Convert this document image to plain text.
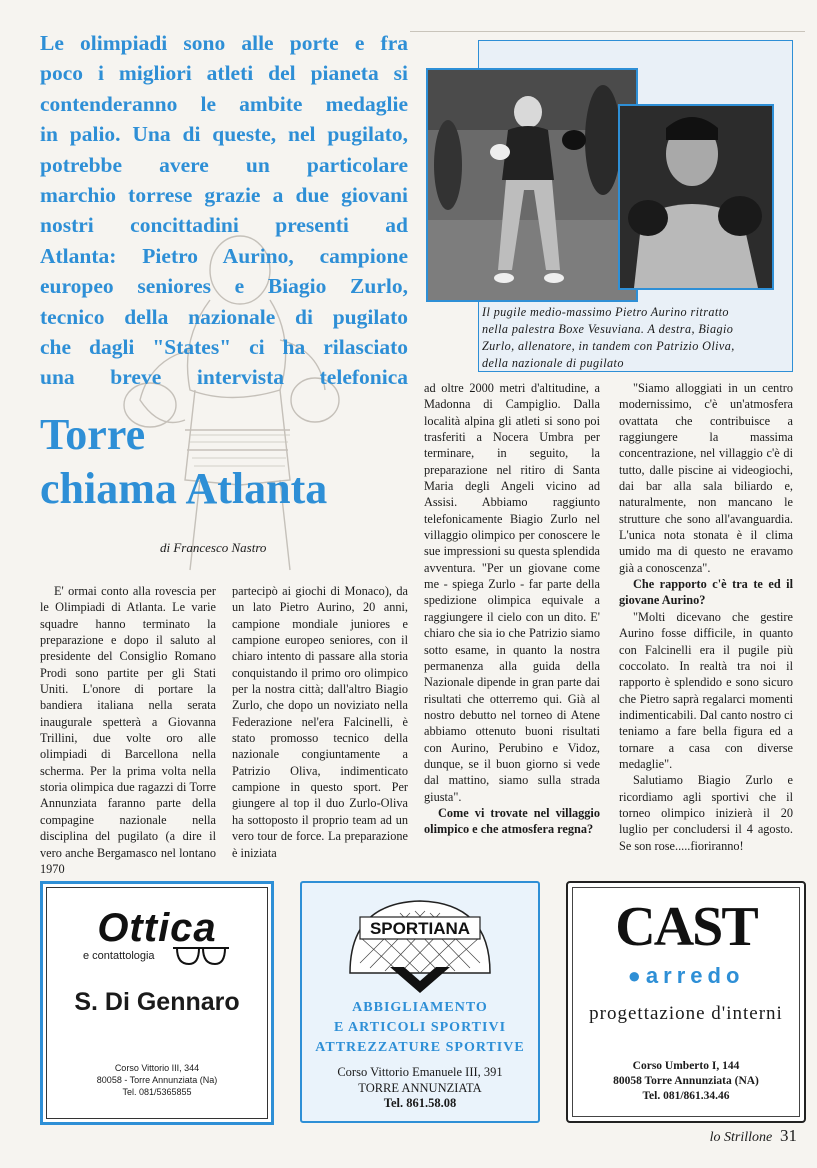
Le olimpiadi sono alle porte e fra
poco i migliori atleti del pianeta si
contenderanno le ambite medaglie
in palio. Una di queste, nel pugilato,
potrebbe avere un particolare
marchio torrese grazie a due giovani
nostri concittadini presenti ad
Atlanta: Pietro Aurino, campione
europeo seniores e Biagio Zurlo,
tecnico della nazionale di pugilato
che dagli "States" ci ha rilasciato
una breve intervista telefonica
Torre
chiama Atlanta
di Francesco Nastro
Il pugile medio-massimo Pietro Aurino ritratto
nella palestra Boxe Vesuviana. A destra, Biagio
Zurlo, allenatore, in tandem con Patrizio Oliva,
della nazionale di pugilato

E' ormai conto alla rovescia per le Olimpiadi di Atlanta. Le varie squadre hanno terminato la preparazione e dopo il saluto al presidente del Consiglio Romano Prodi sono partite per gli Stati Uniti. L'onore di portare la bandiera italiana nella serata inaugurale spetterà a Giovanna Trillini, due volte oro alle olimpiadi di Barcellona nella scherma. Per la prima volta nella storia olimpica due ragazzi di Torre Annunziata faranno parte della compagine nazionale nella disciplina del pugilato (a dire il vero anche Bergamasco nel lontano 1970

partecipò ai giochi di Monaco), da un lato Pietro Aurino, 20 anni, campione mondiale juniores e campione europeo seniores, con il chiaro intento di passare alla storia conquistando il primo oro olimpico per la nostra città; dall'altro Biagio Zurlo, che dopo un noviziato nella Federazione nel'era Falcinelli, è stato promosso tecnico della nazionale congiuntamente a Patrizio Oliva, indimenticato campione in questo sport. Per giungere al top il duo Zurlo-Oliva ha sottoposto il proprio team ad un vero tour de force. La preparazione è iniziata

ad oltre 2000 metri d'altitudine, a Madonna di Campiglio. Dalla località alpina gli atleti si sono poi trasferiti a Nocera Umbra per terminare, in seguito, la preparazione nel ritiro di Santa Maria degli Angeli vicino ad Assisi. Abbiamo raggiunto telefonicamente Biagio Zurlo nel villaggio olimpico per conoscere le sue impressioni su questa splendida avventura. "Per un giovane come me - spiega Zurlo - far parte della spedizione olimpica equivale a raggiungere il cielo con un dito. E' chiaro che sia io che Patrizio siamo sotto esame, in quanto la nostra permanenza alla guida della Nazionale dipende in gran parte dai risultati che otterremo qui. Già al nostro debutto nel torneo di Atene abbiamo ottenuto buoni risultati con Aurino, Perubino e Vidoz, dunque, se il buon giorno si vede dal mattino, siamo sulla strada giusta".

Come vi trovate nel villaggio olimpico e che atmosfera regna?

"Siamo alloggiati in un centro modernissimo, c'è un'atmosfera ovattata che contribuisce a raggiungere la massima concentrazione, nel villaggio c'è di tutto, dalle piscine ai videogiochi, dai bar alla sala biliardo e, naturalmente, non mancano le strutture che sono all'avanguardia. L'unica nota stonata è il clima umido ma di questo ne eravamo già a conoscenza".

Che rapporto c'è tra te ed il giovane Aurino?

"Molti dicevano che gestire Aurino fosse difficile, in quanto con Falcinelli era il pugile più coccolato. In realtà tra noi il rapporto è splendido e sono sicuro che Pietro saprà regalarci momenti indimenticabili. Dal canto nostro ci teniamo a fare bella figura ed a tornare a casa con diverse medaglie".

Salutiamo Biagio Zurlo e ricordiamo agli sportivi che il torneo olimpico inizierà il 20 luglio per concludersi il 4 agosto. Se son rose.....fioriranno!

Ottica
e contattologia
S. Di Gennaro
Corso Vittorio III, 344
80058 - Torre Annunziata (Na)
Tel. 081/5365855
SPORTIANA
ABBIGLIAMENTO
E ARTICOLI SPORTIVI
ATTREZZATURE SPORTIVE
Corso Vittorio Emanuele III, 391
TORRE ANNUNZIATA
Tel. 861.58.08
CAST
●arredo
progettazione d'interni
Corso Umberto I, 144
80058 Torre Annunziata (NA)
Tel. 081/861.34.46
lo Strillone 31
